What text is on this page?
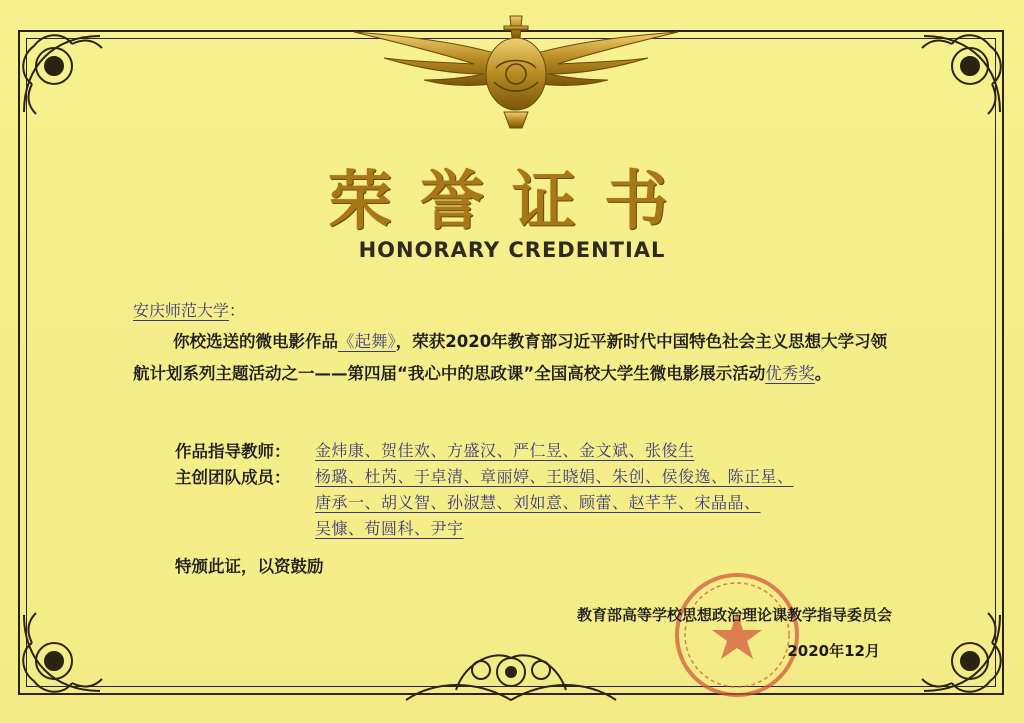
荣誉证书
HONORARY CREDENTIAL
安庆师范大学：
你校选送的微电影作品《起舞》，荣获2020年教育部习近平新时代中国特色社会主义思想大学习领航计划系列主题活动之一——第四届“我心中的思政课”全国高校大学生微电影展示活动优秀奖。
作品指导教师： 金炜康、贺佳欢、方盛汉、严仁昱、金文斌、张俊生
主创团队成员： 杨璐、杜芮、于卓清、章丽婷、王晓娟、朱创、侯俊逸、陈正星、
唐承一、胡义智、孙淑慧、刘如意、顾蕾、赵芊芊、宋晶晶、
吴慷、荀圆科、尹宇
特颁此证，以资鼓励
教育部高等学校思想政治理论课教学指导委员会
2020年12月
